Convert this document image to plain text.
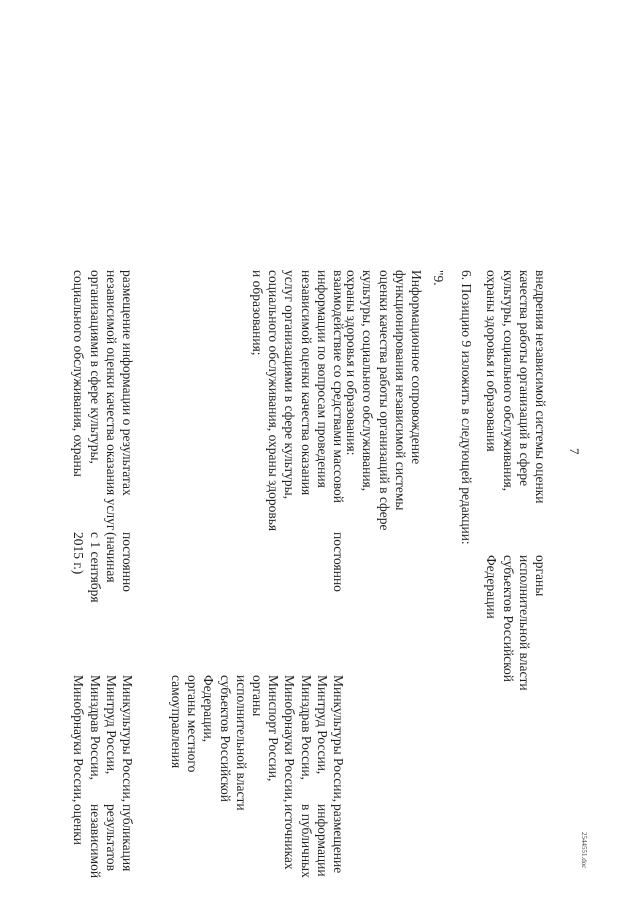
7
внедрения независимой системы оценки
качества работы организаций в сфере
культуры, социального обслуживания,
охраны здоровья и образования
органы
исполнительной власти
субъектов Российской
Федерации
6. Позицию 9 изложить в следующей редакции:
"9.
Информационное сопровождение
функционирования независимой системы
оценки качества работы организаций в сфере
культуры, социального обслуживания,
охраны здоровья и образования:
взаимодействие со средствами массовой
информации по вопросам проведения
независимой оценки качества оказания
услуг организациями в сфере культуры,
социального обслуживания, охраны здоровья
и образования;
постоянно
Минкультуры России,
Минтруд России,
Минздрав России,
Минобрнауки России,
Минспорт России,
органы
исполнительной власти
субъектов Российской
Федерации,
органы местного
самоуправления
размещение информации
в публичных источниках
размещение информации о результатах
независимой оценки качества оказания услуг
организациями в сфере культуры,
социального обслуживания, охраны
постоянно
(начиная
с 1 сентября
2015 г.)
Минкультуры России,
Минтруд России,
Минздрав России,
Минобрнауки России,
публикация результатов
независимой оценки
2544551.doc
